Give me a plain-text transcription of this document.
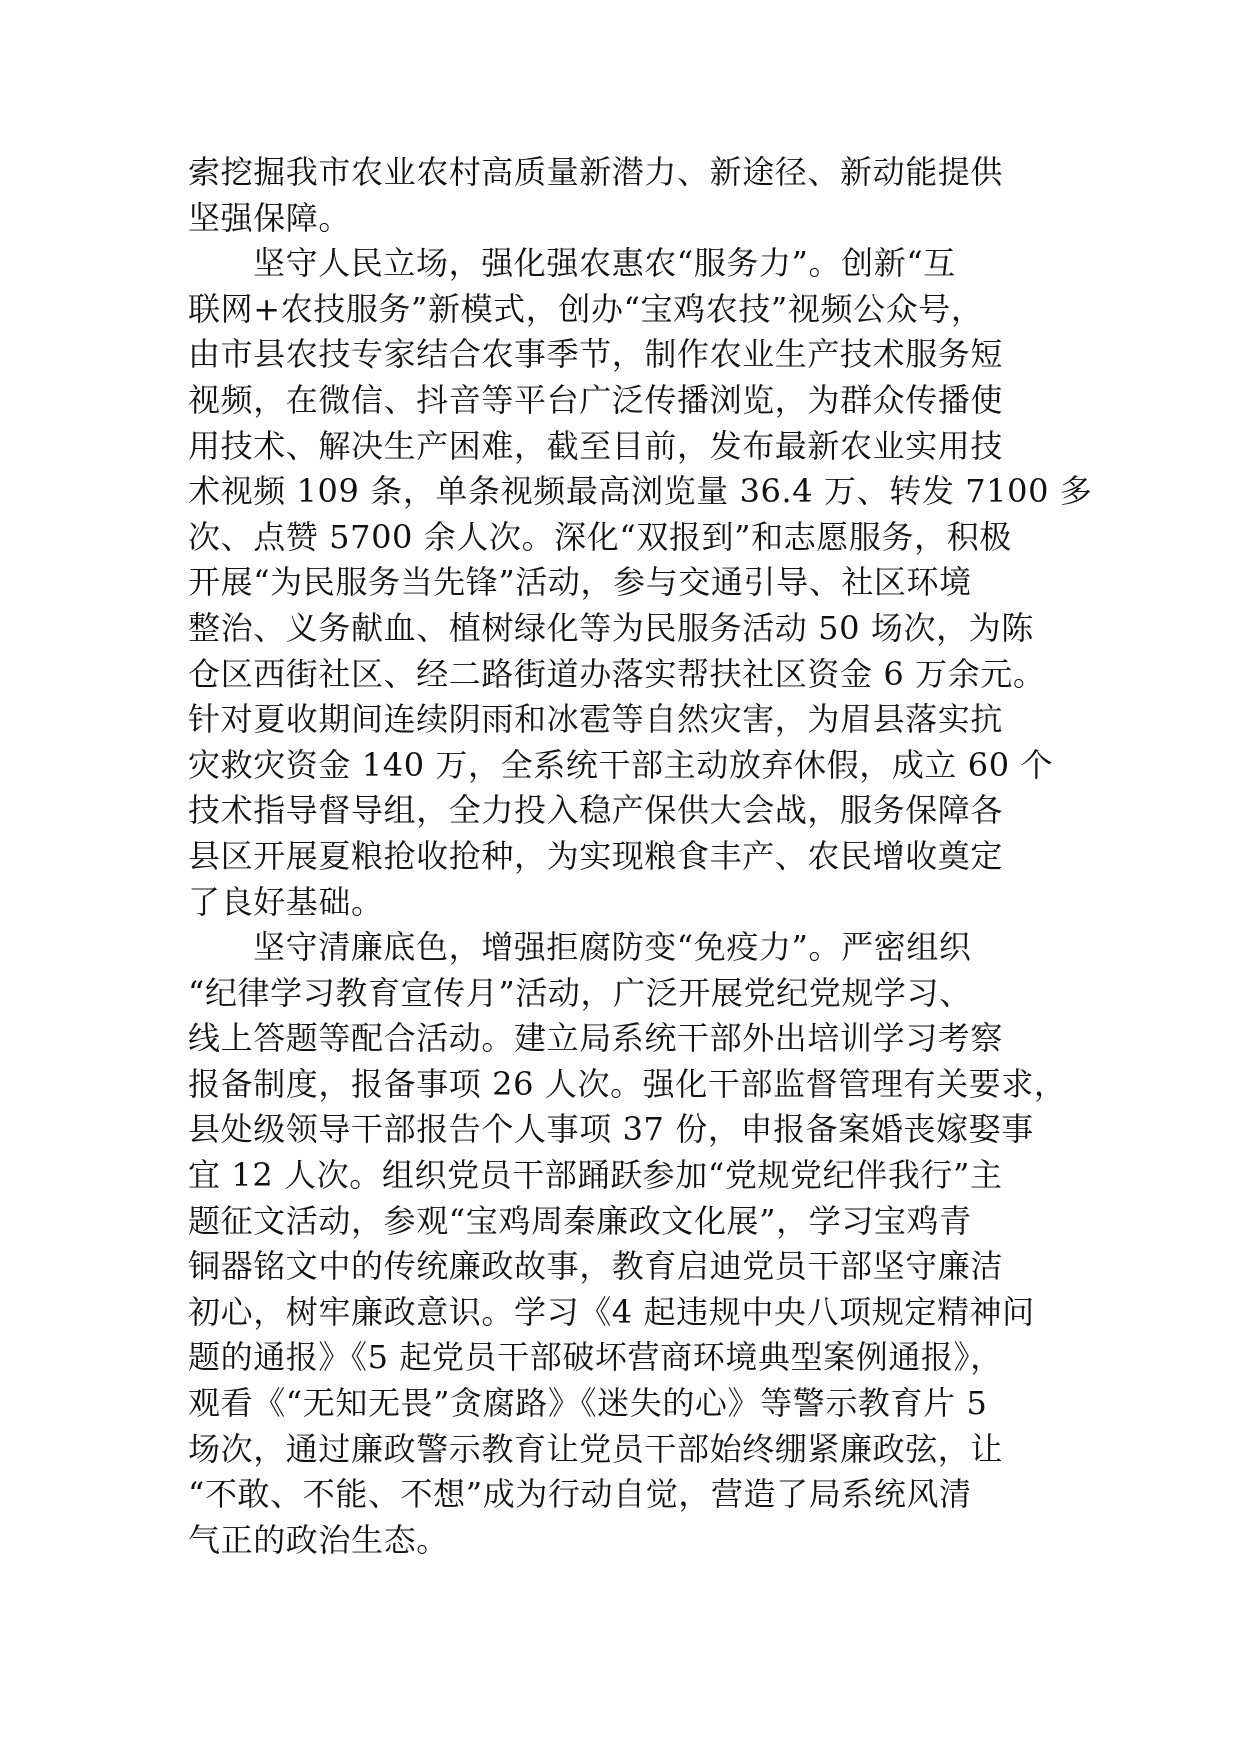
索挖掘我市农业农村高质量新潜力、新途径、新动能提供
坚强保障。
坚守人民立场，强化强农惠农“服务力”。创新“互
联网+农技服务”新模式，创办“宝鸡农技”视频公众号，
由市县农技专家结合农事季节，制作农业生产技术服务短
视频，在微信、抖音等平台广泛传播浏览，为群众传播使
用技术、解决生产困难，截至目前，发布最新农业实用技
术视频 109 条，单条视频最高浏览量 36.4 万、转发 7100 多
次、点赞 5700 余人次。深化“双报到”和志愿服务，积极
开展“为民服务当先锋”活动，参与交通引导、社区环境
整治、义务献血、植树绿化等为民服务活动 50 场次，为陈
仓区西街社区、经二路街道办落实帮扶社区资金 6 万余元。
针对夏收期间连续阴雨和冰雹等自然灾害，为眉县落实抗
灾救灾资金 140 万，全系统干部主动放弃休假，成立 60 个
技术指导督导组，全力投入稳产保供大会战，服务保障各
县区开展夏粮抢收抢种，为实现粮食丰产、农民增收奠定
了良好基础。
坚守清廉底色，增强拒腐防变“免疫力”。严密组织
“纪律学习教育宣传月”活动，广泛开展党纪党规学习、
线上答题等配合活动。建立局系统干部外出培训学习考察
报备制度，报备事项 26 人次。强化干部监督管理有关要求，
县处级领导干部报告个人事项 37 份，申报备案婚丧嫁娶事
宜 12 人次。组织党员干部踊跃参加“党规党纪伴我行”主
题征文活动，参观“宝鸡周秦廉政文化展”，学习宝鸡青
铜器铭文中的传统廉政故事，教育启迪党员干部坚守廉洁
初心，树牢廉政意识。学习《4 起违规中央八项规定精神问
题的通报》《5 起党员干部破坏营商环境典型案例通报》，
观看《“无知无畏”贪腐路》《迷失的心》等警示教育片 5
场次，通过廉政警示教育让党员干部始终绷紧廉政弦，让
“不敢、不能、不想”成为行动自觉，营造了局系统风清
气正的政治生态。
